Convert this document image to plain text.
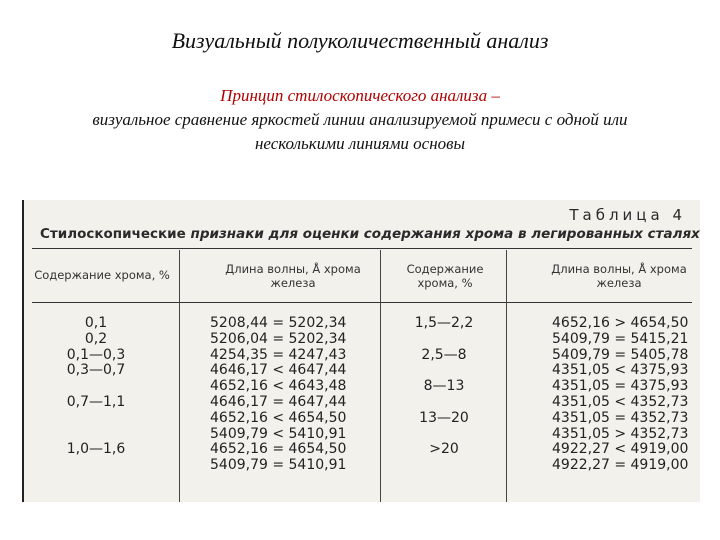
Визуальный полуколичественный анализ
Принцип стилоскопического анализа –
визуальное сравнение яркостей линии анализируемой примеси с одной или несколькими линиями основы
Таблица 4
Стилоскопические признаки для оценки содержания хрома в легированных сталях
Содержание хрома, %	Длина волны, Å хрома железа
Содержание хрома, %
Длина волны, Å хрома железа
0,1
0,2
0,1—0,3
0,3—0,7
0,7—1,1
1,0—1,6
5208,44 = 5202,34
5206,04 = 5202,34
4254,35 = 4247,43
4646,17 < 4647,44
4652,16 < 4643,48
4646,17 = 4647,44
4652,16 < 4654,50
5409,79 < 5410,91
4652,16 = 4654,50
5409,79 = 5410,91
1,5—2,2
2,5—8
8—13
13—20
>20
4652,16 > 4654,50
5409,79 = 5415,21
5409,79 = 5405,78
4351,05 < 4375,93
4351,05 = 4375,93
4351,05 < 4352,73
4351,05 = 4352,73
4351,05 > 4352,73
4922,27 < 4919,00
4922,27 = 4919,00
